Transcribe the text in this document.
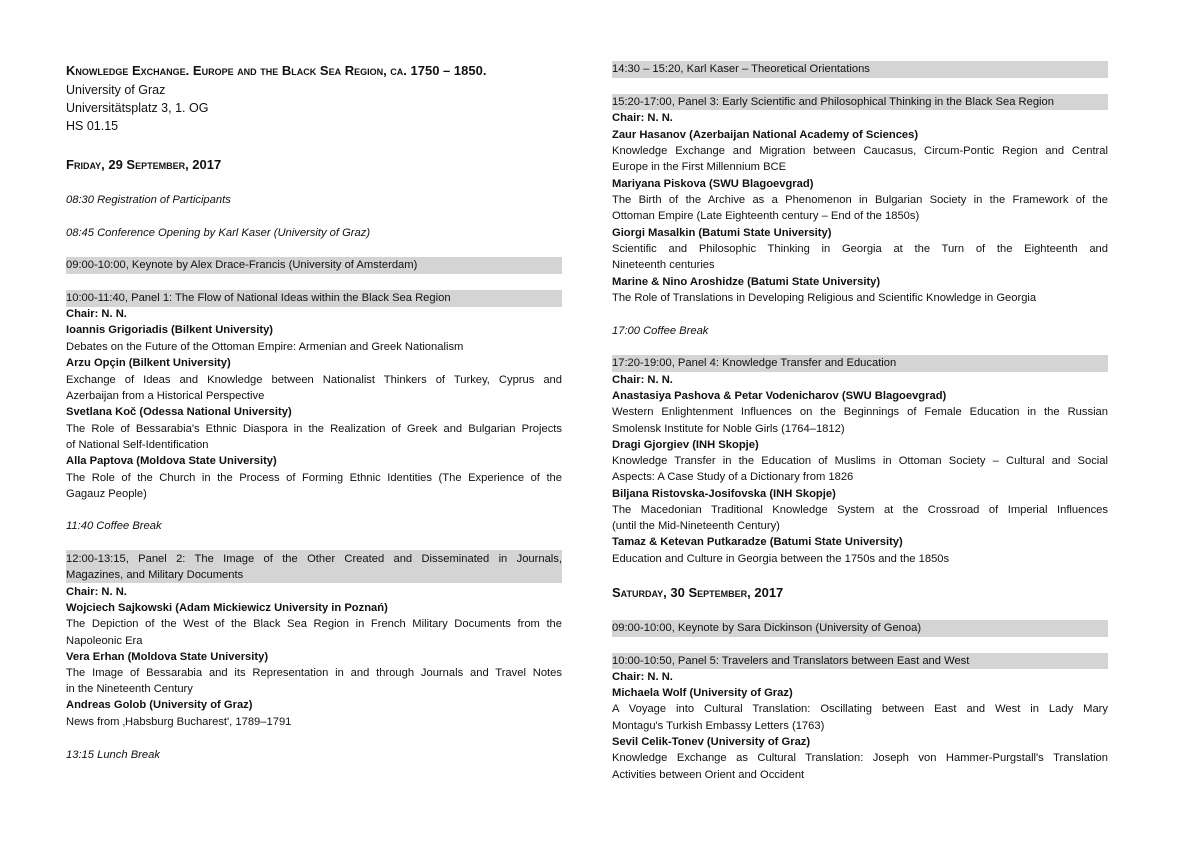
Knowledge Exchange. Europe and the Black Sea Region, ca. 1750 – 1850.
University of Graz
Universitätsplatz 3, 1. OG
HS 01.15
Friday, 29 September, 2017
08:30 Registration of Participants
08:45 Conference Opening by Karl Kaser (University of Graz)
09:00-10:00, Keynote by Alex Drace-Francis (University of Amsterdam)
10:00-11:40, Panel 1: The Flow of National Ideas within the Black Sea Region
Chair: N. N.
Ioannis Grigoriadis (Bilkent University)
Debates on the Future of the Ottoman Empire: Armenian and Greek Nationalism
Arzu Opçin (Bilkent University)
Exchange of Ideas and Knowledge between Nationalist Thinkers of Turkey, Cyprus and
Azerbaijan from a Historical Perspective
Svetlana Koč (Odessa National University)
The Role of Bessarabia's Ethnic Diaspora in the Realization of Greek and Bulgarian Projects
of National Self-Identification
Alla Paptova (Moldova State University)
The Role of the Church in the Process of Forming Ethnic Identities (The Experience of the
Gagauz People)
11:40 Coffee Break
12:00-13:15, Panel 2: The Image of the Other Created and Disseminated in Journals,
Magazines, and Military Documents
Chair: N. N.
Wojciech Sajkowski (Adam Mickiewicz University in Poznań)
The Depiction of the West of the Black Sea Region in French Military Documents from the
Napoleonic Era
Vera Erhan (Moldova State University)
The Image of Bessarabia and its Representation in and through Journals and Travel Notes
in the Nineteenth Century
Andreas Golob (University of Graz)
News from ‚Habsburg Bucharest', 1789–1791
13:15 Lunch Break
14:30 – 15:20, Karl Kaser – Theoretical Orientations
15:20-17:00, Panel 3: Early Scientific and Philosophical Thinking in the Black Sea Region
Chair: N. N.
Zaur Hasanov (Azerbaijan National Academy of Sciences)
Knowledge Exchange and Migration between Caucasus, Circum-Pontic Region and Central
Europe in the First Millennium BCE
Mariyana Piskova (SWU Blagoevgrad)
The Birth of the Archive as a Phenomenon in Bulgarian Society in the Framework of the
Ottoman Empire (Late Eighteenth century – End of the 1850s)
Giorgi Masalkin (Batumi State University)
Scientific and Philosophic Thinking in Georgia at the Turn of the Eighteenth and
Nineteenth centuries
Marine & Nino Aroshidze (Batumi State University)
The Role of Translations in Developing Religious and Scientific Knowledge in Georgia
17:00 Coffee Break
17:20-19:00, Panel 4: Knowledge Transfer and Education
Chair: N. N.
Anastasiya Pashova & Petar Vodenicharov (SWU Blagoevgrad)
Western Enlightenment Influences on the Beginnings of Female Education in the Russian
Smolensk Institute for Noble Girls (1764–1812)
Dragi Gjorgiev (INH Skopje)
Knowledge Transfer in the Education of Muslims in Ottoman Society – Cultural and Social
Aspects: A Case Study of a Dictionary from 1826
Biljana Ristovska-Josifovska (INH Skopje)
The Macedonian Traditional Knowledge System at the Crossroad of Imperial Influences
(until the Mid-Nineteenth Century)
Tamaz & Ketevan Putkaradze (Batumi State University)
Education and Culture in Georgia between the 1750s and the 1850s
Saturday, 30 September, 2017
09:00-10:00, Keynote by Sara Dickinson (University of Genoa)
10:00-10:50, Panel 5: Travelers and Translators between East and West
Chair: N. N.
Michaela Wolf (University of Graz)
A Voyage into Cultural Translation: Oscillating between East and West in Lady Mary
Montagu's Turkish Embassy Letters (1763)
Sevil Celik-Tonev (University of Graz)
Knowledge Exchange as Cultural Translation: Joseph von Hammer-Purgstall's Translation
Activities between Orient and Occident
